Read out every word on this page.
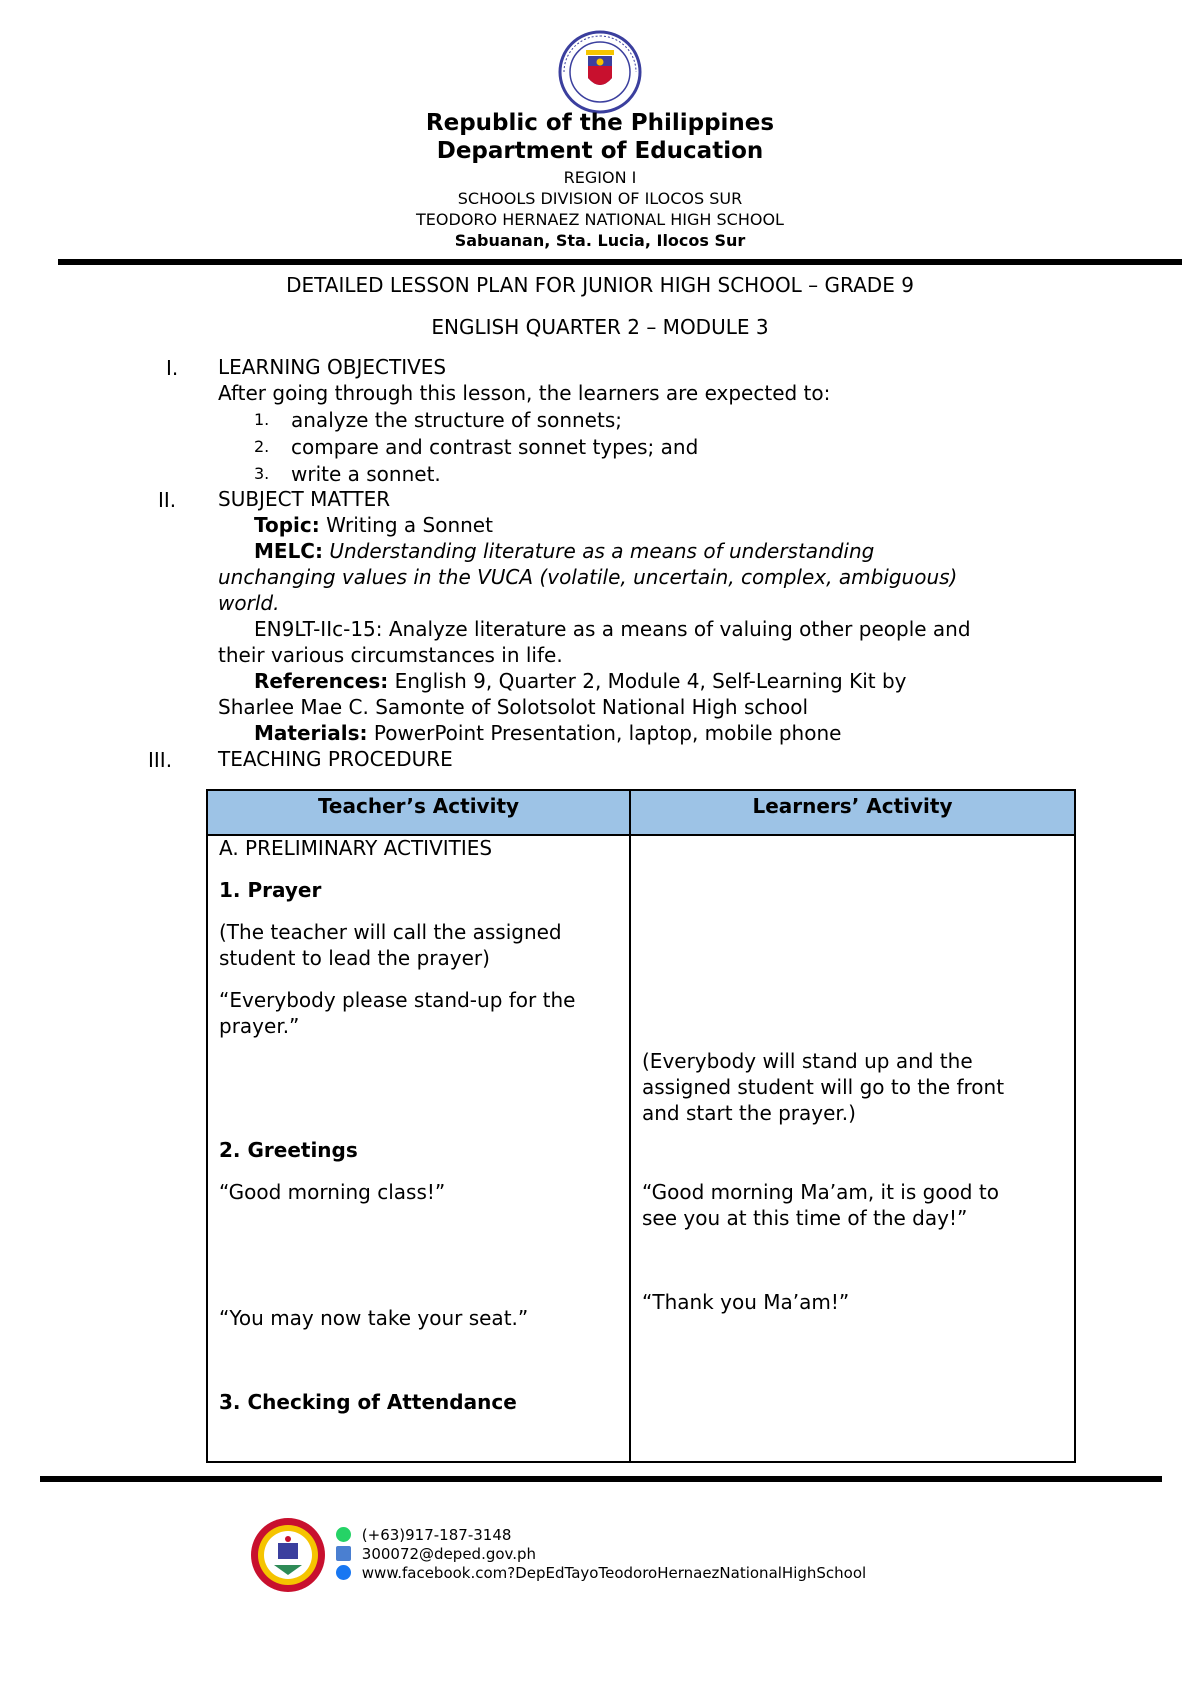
Republic of the Philippines
Department of Education
REGION I
SCHOOLS DIVISION OF ILOCOS SUR
TEODORO HERNAEZ NATIONAL HIGH SCHOOL
Sabuanan, Sta. Lucia, Ilocos Sur
DETAILED LESSON PLAN FOR JUNIOR HIGH SCHOOL – GRADE 9
ENGLISH QUARTER 2 – MODULE 3
I. LEARNING OBJECTIVES
After going through this lesson, the learners are expected to:
1. analyze the structure of sonnets;
2. compare and contrast sonnet types; and
3. write a sonnet.
II. SUBJECT MATTER
Topic: Writing a Sonnet
MELC: Understanding literature as a means of understanding
unchanging values in the VUCA (volatile, uncertain, complex, ambiguous)
world.
EN9LT-IIc-15: Analyze literature as a means of valuing other people and
their various circumstances in life.
References: English 9, Quarter 2, Module 4, Self-Learning Kit by
Sharlee Mae C. Samonte of Solotsolot National High school
Materials: PowerPoint Presentation, laptop, mobile phone
III. TEACHING PROCEDURE
Teacher’s Activity	Learners’ Activity
A. PRELIMINARY ACTIVITIES
1. Prayer
(The teacher will call the assigned
student to lead the prayer)
“Everybody please stand-up for the
prayer.”
2. Greetings
“Good morning class!”
“You may now take your seat.”
3. Checking of Attendance
(Everybody will stand up and the
assigned student will go to the front
and start the prayer.)
“Good morning Ma’am, it is good to
see you at this time of the day!”
“Thank you Ma’am!”
(+63)917-187-3148
300072@deped.gov.ph
www.facebook.com?DepEdTayoTeodoroHernaezNationalHighSchool
